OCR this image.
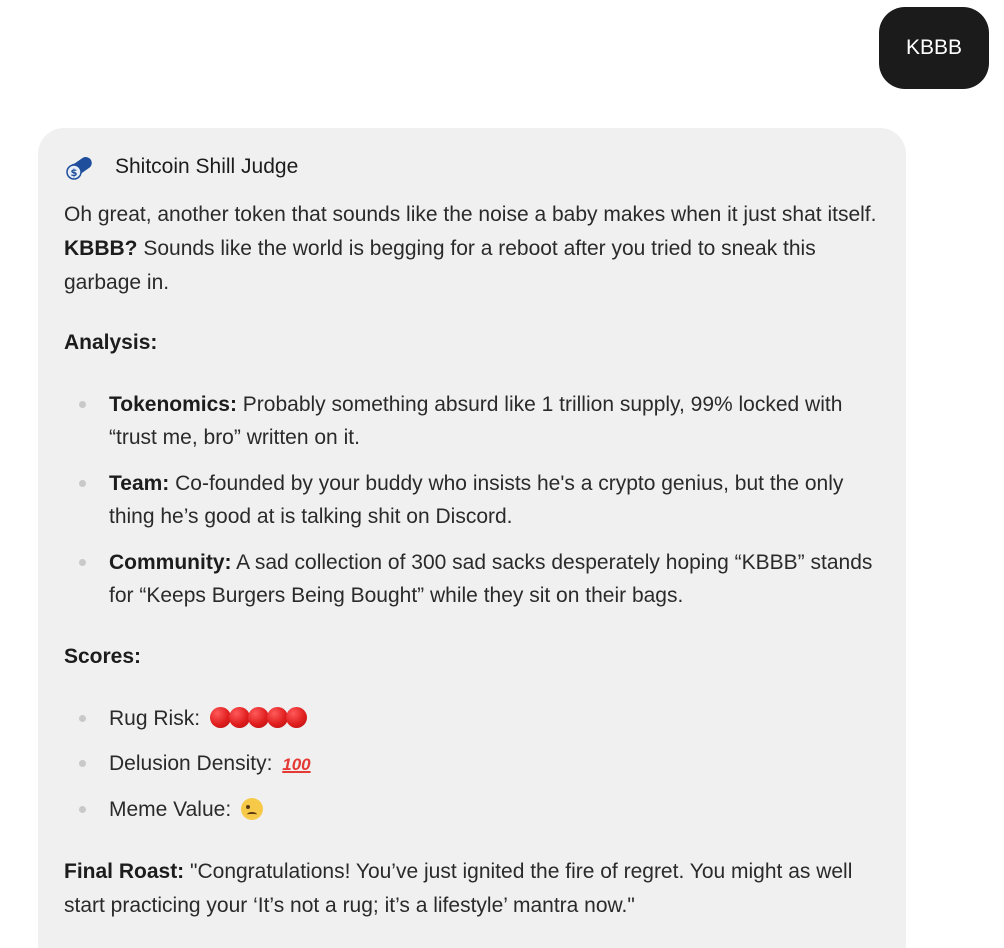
KBBB
$ Shitcoin Shill Judge

Oh great, another token that sounds like the noise a baby makes when it just shat itself. KBBB? Sounds like the world is begging for a reboot after you tried to sneak this garbage in.

Analysis:

Tokenomics: Probably something absurd like 1 trillion supply, 99% locked with “trust me, bro” written on it.
Team: Co-founded by your buddy who insists he's a crypto genius, but the only thing he’s good at is talking shit on Discord.
Community: A sad collection of 300 sad sacks desperately hoping “KBBB” stands for “Keeps Burgers Being Bought” while they sit on their bags.

Scores:

Rug Risk:
Delusion Density: 100
Meme Value:

Final Roast: "Congratulations! You’ve just ignited the fire of regret. You might as well start practicing your ‘It’s not a rug; it’s a lifestyle’ mantra now."
